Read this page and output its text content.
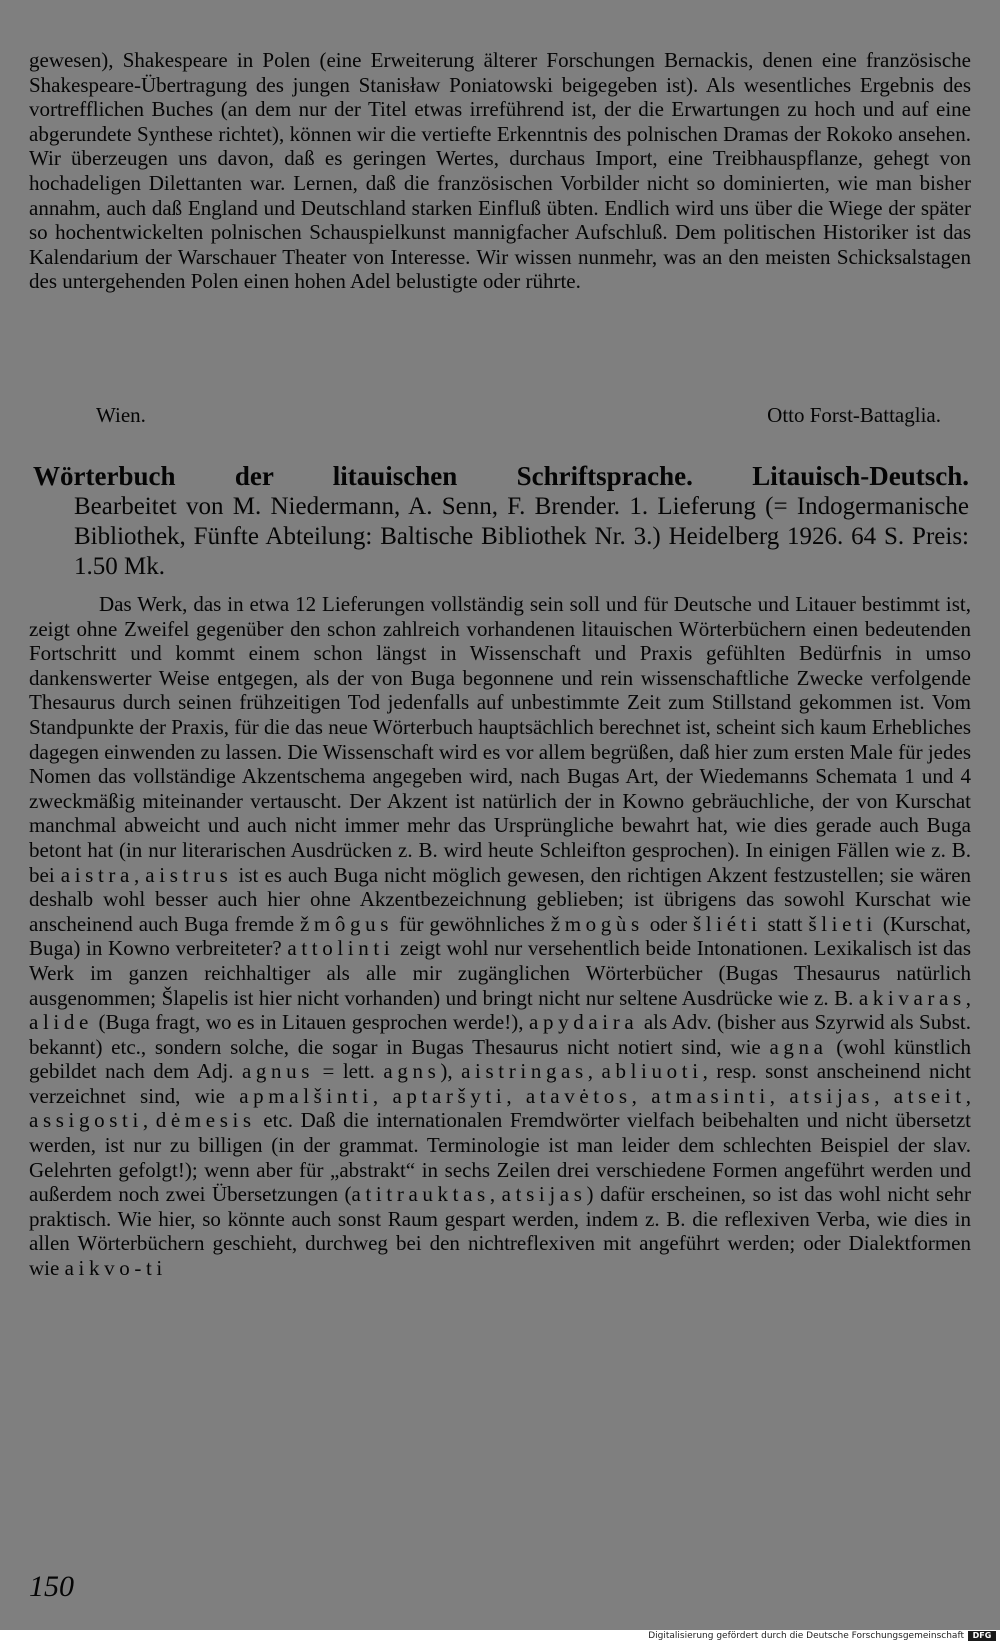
gewesen), Shakespeare in Polen (eine Erweiterung älterer Forschungen Bernackis, denen eine französische Shakespeare-Übertragung des jungen Stanisław Poniatowski beigegeben ist). Als wesentliches Ergebnis des vortrefflichen Buches (an dem nur der Titel etwas irreführend ist, der die Erwartungen zu hoch und auf eine abgerundete Synthese richtet), können wir die vertiefte Erkenntnis des polnischen Dramas der Rokoko ansehen. Wir überzeugen uns davon, daß es geringen Wertes, durchaus Import, eine Treibhauspflanze, gehegt von hochadeligen Dilettanten war. Lernen, daß die französischen Vorbilder nicht so dominierten, wie man bisher annahm, auch daß England und Deutschland starken Einfluß übten. Endlich wird uns über die Wiege der später so hochentwickelten polnischen Schauspielkunst mannigfacher Aufschluß. Dem politischen Historiker ist das Kalendarium der Warschauer Theater von Interesse. Wir wissen nunmehr, was an den meisten Schicksalstagen des untergehenden Polen einen hohen Adel belustigte oder rührte.

Wien.	Otto Forst-Battaglia.
Wörterbuch der litauischen Schriftsprache. Litauisch-Deutsch.
Bearbeitet von M. Niedermann, A. Senn, F. Brender. 1. Lieferung (= Indogermanische Bibliothek, Fünfte Abteilung: Baltische Bibliothek Nr. 3.) Heidelberg 1926. 64 S. Preis: 1.50 Mk.

Das Werk, das in etwa 12 Lieferungen vollständig sein soll und für Deutsche und Litauer bestimmt ist, zeigt ohne Zweifel gegenüber den schon zahlreich vorhandenen litauischen Wörterbüchern einen bedeutenden Fortschritt und kommt einem schon längst in Wissenschaft und Praxis gefühlten Bedürfnis in umso dankenswerter Weise entgegen, als der von Buga begonnene und rein wissenschaftliche Zwecke verfolgende Thesaurus durch seinen frühzeitigen Tod jedenfalls auf unbestimmte Zeit zum Stillstand gekommen ist. Vom Standpunkte der Praxis, für die das neue Wörterbuch hauptsächlich berechnet ist, scheint sich kaum Erhebliches dagegen einwenden zu lassen. Die Wissenschaft wird es vor allem begrüßen, daß hier zum ersten Male für jedes Nomen das vollständige Akzentschema angegeben wird, nach Bugas Art, der Wiedemanns Schemata 1 und 4 zweckmäßig miteinander vertauscht. Der Akzent ist natürlich der in Kowno gebräuchliche, der von Kurschat manchmal abweicht und auch nicht immer mehr das Ursprüngliche bewahrt hat, wie dies gerade auch Buga betont hat (in nur literarischen Ausdrücken z. B. wird heute Schleifton gesprochen). In einigen Fällen wie z. B. bei aistra, aistrus ist es auch Buga nicht möglich gewesen, den richtigen Akzent festzustellen; sie wären deshalb wohl besser auch hier ohne Akzentbezeichnung geblieben; ist übrigens das sowohl Kurschat wie anscheinend auch Buga fremde žmôgus für gewöhnliches žmogùs oder šliéti statt šlieti (Kurschat, Buga) in Kowno verbreiteter? attolinti zeigt wohl nur versehentlich beide Intonationen. Lexikalisch ist das Werk im ganzen reichhaltiger als alle mir zugänglichen Wörterbücher (Bugas Thesaurus natürlich ausgenommen; Šlapelis ist hier nicht vorhanden) und bringt nicht nur seltene Ausdrücke wie z. B. akivaras, alide (Buga fragt, wo es in Litauen gesprochen werde!), apydaira als Adv. (bisher aus Szyrwid als Subst. bekannt) etc., sondern solche, die sogar in Bugas Thesaurus nicht notiert sind, wie agna (wohl künstlich gebildet nach dem Adj. agnus = lett. agns), aistringas, abliuoti, resp. sonst anscheinend nicht verzeichnet sind, wie apmalšinti, aptaršyti, atavėtos, atmasinti, atsijas, atseit, assigosti, dėmesis etc. Daß die internationalen Fremdwörter vielfach beibehalten und nicht übersetzt werden, ist nur zu billigen (in der grammat. Terminologie ist man leider dem schlechten Beispiel der slav. Gelehrten gefolgt!); wenn aber für „abstrakt“ in sechs Zeilen drei verschiedene Formen angeführt werden und außerdem noch zwei Übersetzungen (atitrauktas, atsijas) dafür erscheinen, so ist das wohl nicht sehr praktisch. Wie hier, so könnte auch sonst Raum gespart werden, indem z. B. die reflexiven Verba, wie dies in allen Wörterbüchern geschieht, durchweg bei den nichtreflexiven mit angeführt werden; oder Dialektformen wie aikvo-ti

150
Digitalisierung gefördert durch die Deutsche Forschungsgemeinschaft	DFG
